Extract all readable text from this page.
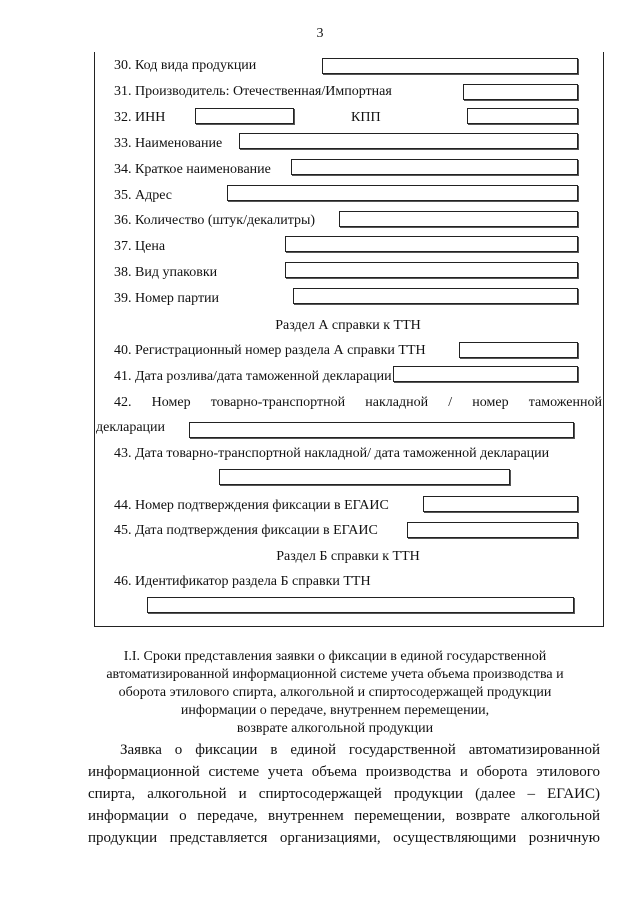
3
30. Код вида продукции
31. Производитель: Отечественная/Импортная
32. ИНН	КПП
33. Наименование
34. Краткое наименование
35. Адрес
36. Количество (штук/декалитры)
37. Цена
38. Вид упаковки
39. Номер партии
Раздел А справки к ТТН
40. Регистрационный номер раздела А справки ТТН
41. Дата розлива/дата таможенной декларации
42. Номер товарно-транспортной накладной / номер таможенной
декларации
43. Дата товарно-транспортной накладной/ дата таможенной декларации
44. Номер подтверждения фиксации в ЕГАИС
45. Дата подтверждения фиксации в ЕГАИС
Раздел Б справки к ТТН
46. Идентификатор раздела Б справки ТТН
I.I. Сроки представления заявки о фиксации в единой государственной
автоматизированной информационной системе учета объема производства и
оборота этилового спирта, алкогольной и спиртосодержащей продукции
информации о передаче, внутреннем перемещении,
возврате алкогольной продукции
Заявка о фиксации в единой государственной автоматизированной
информационной системе учета объема производства и оборота этилового
спирта, алкогольной и спиртосодержащей продукции (далее – ЕГАИС)
информации о передаче, внутреннем перемещении, возврате алкогольной
продукции представляется организациями, осуществляющими розничную
